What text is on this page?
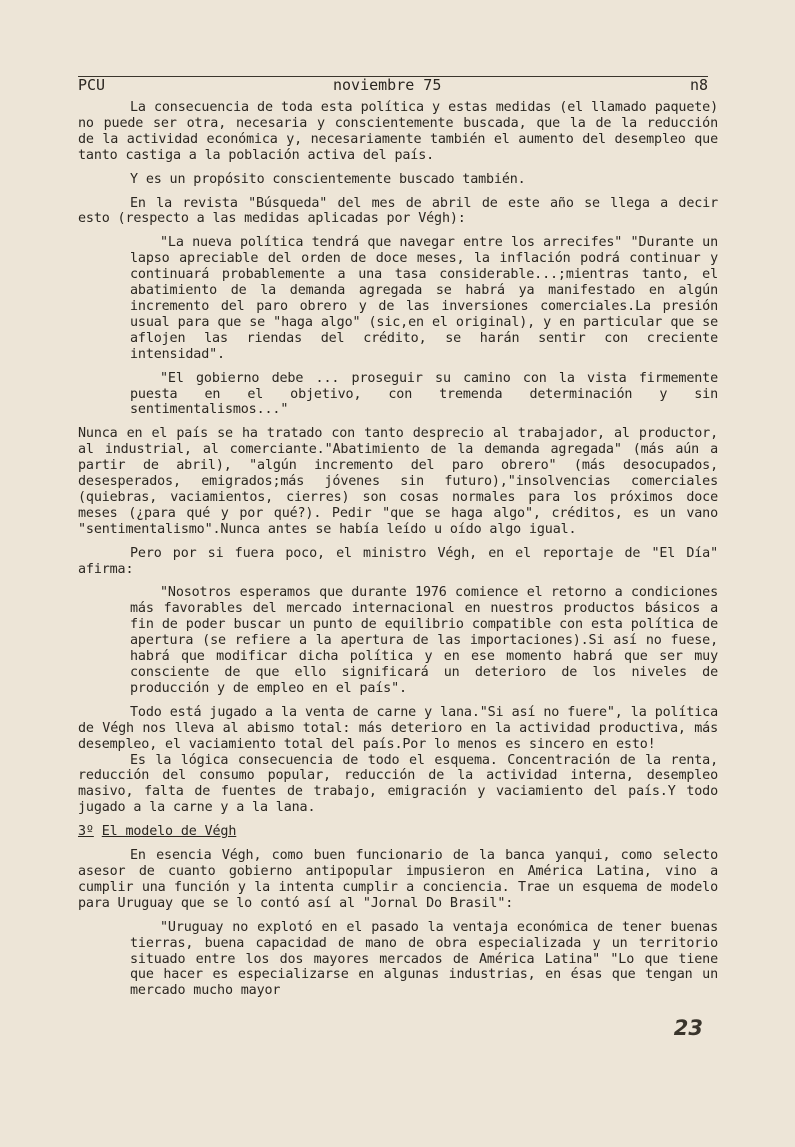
PCU	noviembre 75	n8

La consecuencia de toda esta política y estas medidas (el llamado paquete) no puede ser otra, necesaria y conscientemente buscada, que la de la reducción de la actividad económica y, necesariamente también el aumento del desempleo que tanto castiga a la población activa del país.

Y es un propósito conscientemente buscado también.

En la revista "Búsqueda" del mes de abril de este año se llega a decir esto (respecto a las medidas aplicadas por Végh):

"La nueva política tendrá que navegar entre los arrecifes" "Durante un lapso apreciable del orden de doce meses, la inflación podrá continuar y continuará probablemente a una tasa considerable...;mientras tanto, el abatimiento de la demanda agregada se habrá ya manifestado en algún incremento del paro obrero y de las inversiones comerciales.La presión usual para que se "haga algo" (sic,en el original), y en particular que se aflojen las riendas del crédito, se harán sentir con creciente intensidad".

"El gobierno debe ... proseguir su camino con la vista firmemente puesta en el objetivo, con tremenda determinación y sin sentimentalismos..."

Nunca en el país se ha tratado con tanto desprecio al trabajador, al productor, al industrial, al comerciante."Abatimiento de la demanda agregada" (más aún a partir de abril), "algún incremento del paro obrero" (más desocupados, desesperados, emigrados;más jóvenes sin futuro),"insolvencias comerciales (quiebras, vaciamientos, cierres) son cosas normales para los próximos doce meses (¿para qué y por qué?). Pedir "que se haga algo", créditos, es un vano "sentimentalismo".Nunca antes se había leído u oído algo igual.

Pero por si fuera poco, el ministro Végh, en el reportaje de "El Día" afirma:

"Nosotros esperamos que durante 1976 comience el retorno a condiciones más favorables del mercado internacional en nuestros productos básicos a fin de poder buscar un punto de equilibrio compatible con esta política de apertura (se refiere a la apertura de las importaciones).Si así no fuese, habrá que modificar dicha política y en ese momento habrá que ser muy consciente de que ello significará un deterioro de los niveles de producción y de empleo en el país".

Todo está jugado a la venta de carne y lana."Si así no fuere", la política de Végh nos lleva al abismo total: más deterioro en la actividad productiva, más desempleo, el vaciamiento total del país.Por lo menos es sincero en esto!

Es la lógica consecuencia de todo el esquema. Concentración de la renta, reducción del consumo popular, reducción de la actividad interna, desempleo masivo, falta de fuentes de trabajo, emigración y vaciamiento del país.Y todo jugado a la carne y a la lana.

3º El modelo de Végh

En esencia Végh, como buen funcionario de la banca yanqui, como selecto asesor de cuanto gobierno antipopular impusieron en América Latina, vino a cumplir una función y la intenta cumplir a conciencia. Trae un esquema de modelo para Uruguay que se lo contó así al "Jornal Do Brasil":

"Uruguay no explotó en el pasado la ventaja económica de tener buenas tierras, buena capacidad de mano de obra especializada y un territorio situado entre los dos mayores mercados de América Latina" "Lo que tiene que hacer es especializarse en algunas industrias, en ésas que tengan un mercado mucho mayor

23
